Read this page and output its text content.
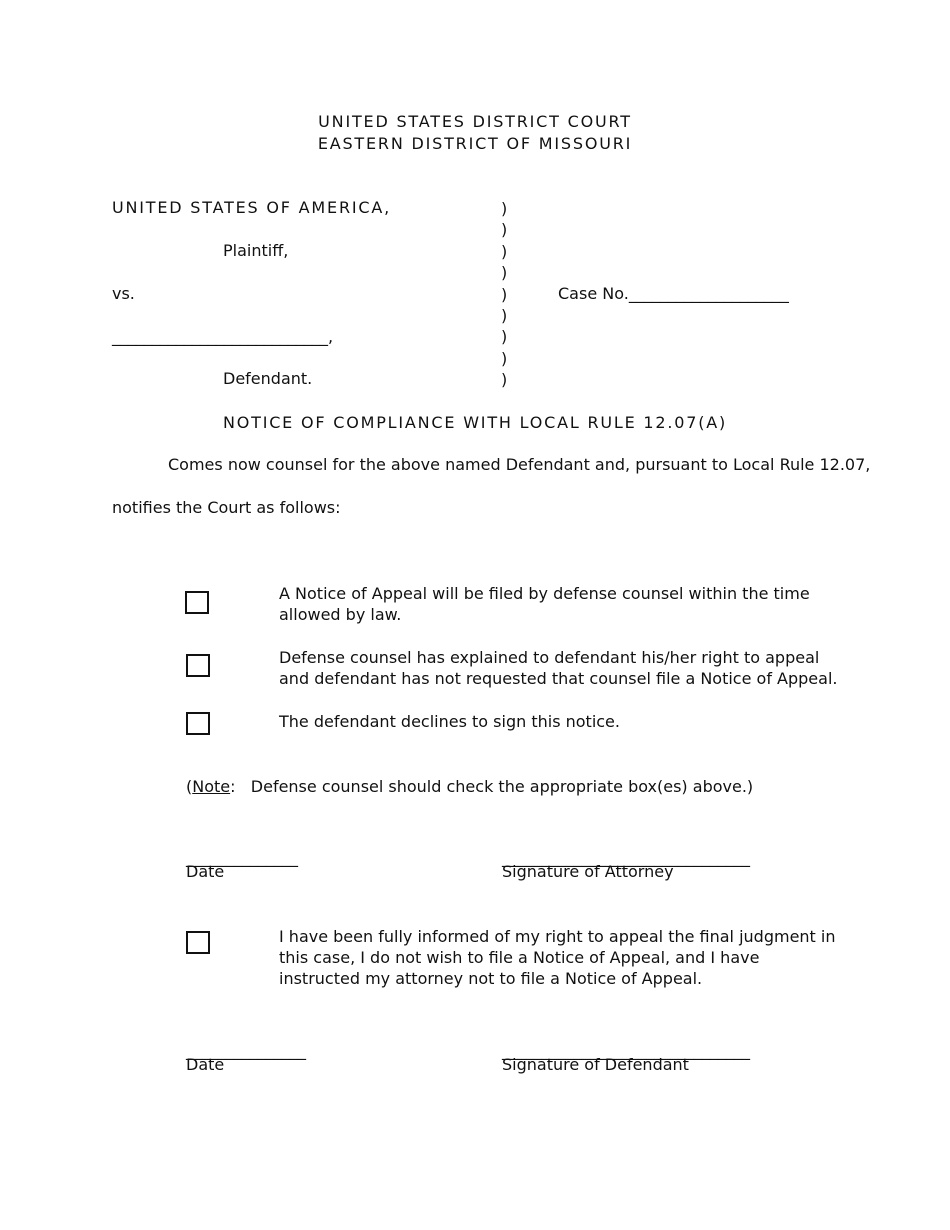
UNITED STATES DISTRICT COURT
EASTERN DISTRICT OF MISSOURI
UNITED STATES OF AMERICA,
Plaintiff,
vs.
___________________________,
Defendant.
)
)
)
)
)
)
)
)
)
Case No.____________________
NOTICE OF COMPLIANCE WITH LOCAL RULE 12.07(A)
Comes now counsel for the above named Defendant and, pursuant to Local Rule 12.07,
notifies the Court as follows:
A Notice of Appeal will be filed by defense counsel within the time allowed by law.
Defense counsel has explained to defendant his/her right to appeal and defendant has not requested that counsel file a Notice of Appeal.
The defendant declines to sign this notice.
(Note:   Defense counsel should check the appropriate box(es) above.)
______________
Date
_______________________________
Signature of Attorney
I have been fully informed of my right to appeal the final judgment in this case, I do not wish to file a Notice of Appeal, and I have instructed my attorney not to file a Notice of Appeal.
_______________
Date
_______________________________
Signature of Defendant
